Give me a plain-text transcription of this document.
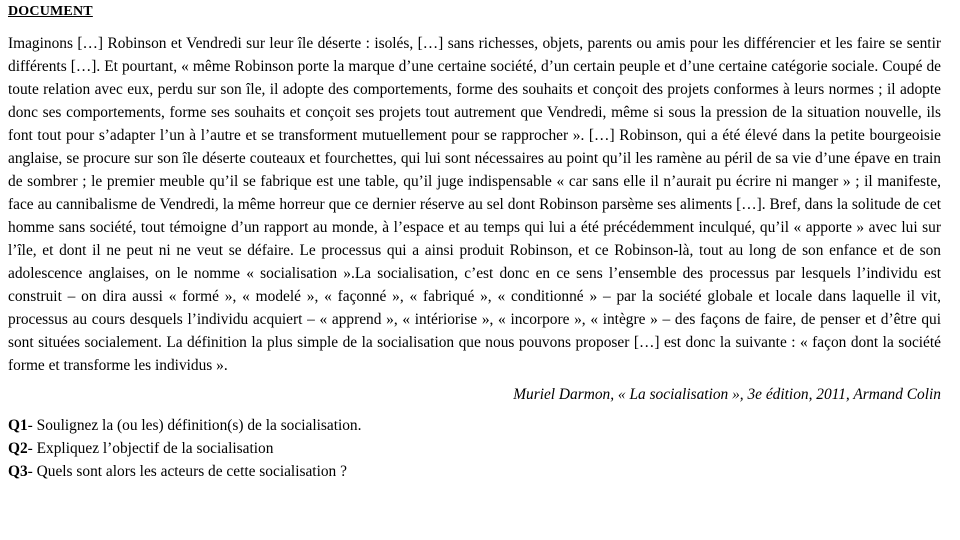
DOCUMENT

Imaginons […] Robinson et Vendredi sur leur île déserte : isolés, […] sans richesses, objets, parents ou amis pour les différencier et les faire se sentir différents […]. Et pourtant, « même Robinson porte la marque d’une certaine société, d’un certain peuple et d’une certaine catégorie sociale. Coupé de toute relation avec eux, perdu sur son île, il adopte des comportements, forme des souhaits et conçoit des projets conformes à leurs normes ; il adopte donc ses comportements, forme ses souhaits et conçoit ses projets tout autrement que Vendredi, même si sous la pression de la situation nouvelle, ils font tout pour s’adapter l’un à l’autre et se transforment mutuellement pour se rapprocher ». […] Robinson, qui a été élevé dans la petite bourgeoisie anglaise, se procure sur son île déserte couteaux et fourchettes, qui lui sont nécessaires au point qu’il les ramène au péril de sa vie d’une épave en train de sombrer ; le premier meuble qu’il se fabrique est une table, qu’il juge indispensable « car sans elle il n’aurait pu écrire ni manger » ; il manifeste, face au cannibalisme de Vendredi, la même horreur que ce dernier réserve au sel dont Robinson parsème ses aliments […]. Bref, dans la solitude de cet homme sans société, tout témoigne d’un rapport au monde, à l’espace et au temps qui lui a été précédemment inculqué, qu’il « apporte » avec lui sur l’île, et dont il ne peut ni ne veut se défaire. Le processus qui a ainsi produit Robinson, et ce Robinson-là, tout au long de son enfance et de son adolescence anglaises, on le nomme « socialisation ».La socialisation, c’est donc en ce sens l’ensemble des processus par lesquels l’individu est construit – on dira aussi « formé », « modelé », « façonné », « fabriqué », « conditionné » – par la société globale et locale dans laquelle il vit, processus au cours desquels l’individu acquiert – « apprend », « intériorise », « incorpore », « intègre » – des façons de faire, de penser et d’être qui sont situées socialement. La définition la plus simple de la socialisation que nous pouvons proposer […] est donc la suivante : « façon dont la société forme et transforme les individus ».

Muriel Darmon, « La socialisation », 3e édition, 2011, Armand Colin

Q1- Soulignez la (ou les) définition(s) de la socialisation.
Q2- Expliquez l’objectif de la socialisation
Q3- Quels sont alors les acteurs de cette socialisation ?
